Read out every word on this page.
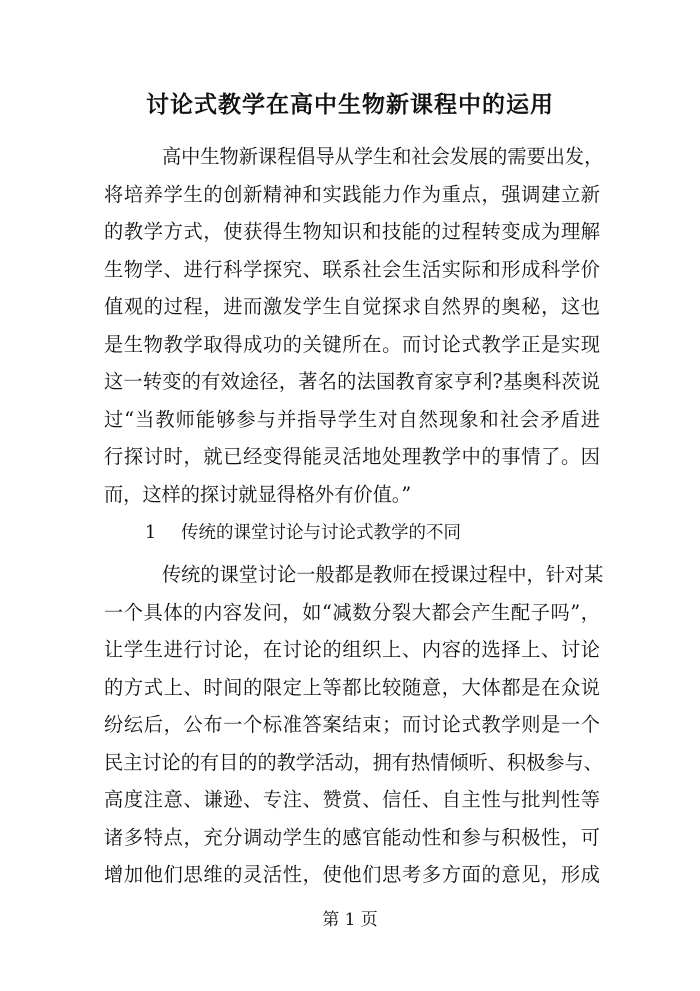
讨论式教学在高中生物新课程中的运用
高中生物新课程倡导从学生和社会发展的需要出发，
将培养学生的创新精神和实践能力作为重点，强调建立新
的教学方式，使获得生物知识和技能的过程转变成为理解
生物学、进行科学探究、联系社会生活实际和形成科学价
值观的过程，进而激发学生自觉探求自然界的奥秘，这也
是生物教学取得成功的关键所在。而讨论式教学正是实现
这一转变的有效途径，著名的法国教育家亨利?基奥科茨说
过“当教师能够参与并指导学生对自然现象和社会矛盾进
行探讨时，就已经变得能灵活地处理教学中的事情了。因
而，这样的探讨就显得格外有价值。”
1 传统的课堂讨论与讨论式教学的不同
传统的课堂讨论一般都是教师在授课过程中，针对某
一个具体的内容发问，如“减数分裂大都会产生配子吗”，
让学生进行讨论，在讨论的组织上、内容的选择上、讨论
的方式上、时间的限定上等都比较随意，大体都是在众说
纷纭后，公布一个标准答案结束；而讨论式教学则是一个
民主讨论的有目的的教学活动，拥有热情倾听、积极参与、
高度注意、谦逊、专注、赞赏、信任、自主性与批判性等
诸多特点，充分调动学生的感官能动性和参与积极性，可
增加他们思维的灵活性，使他们思考多方面的意见，形成
第 1 页
